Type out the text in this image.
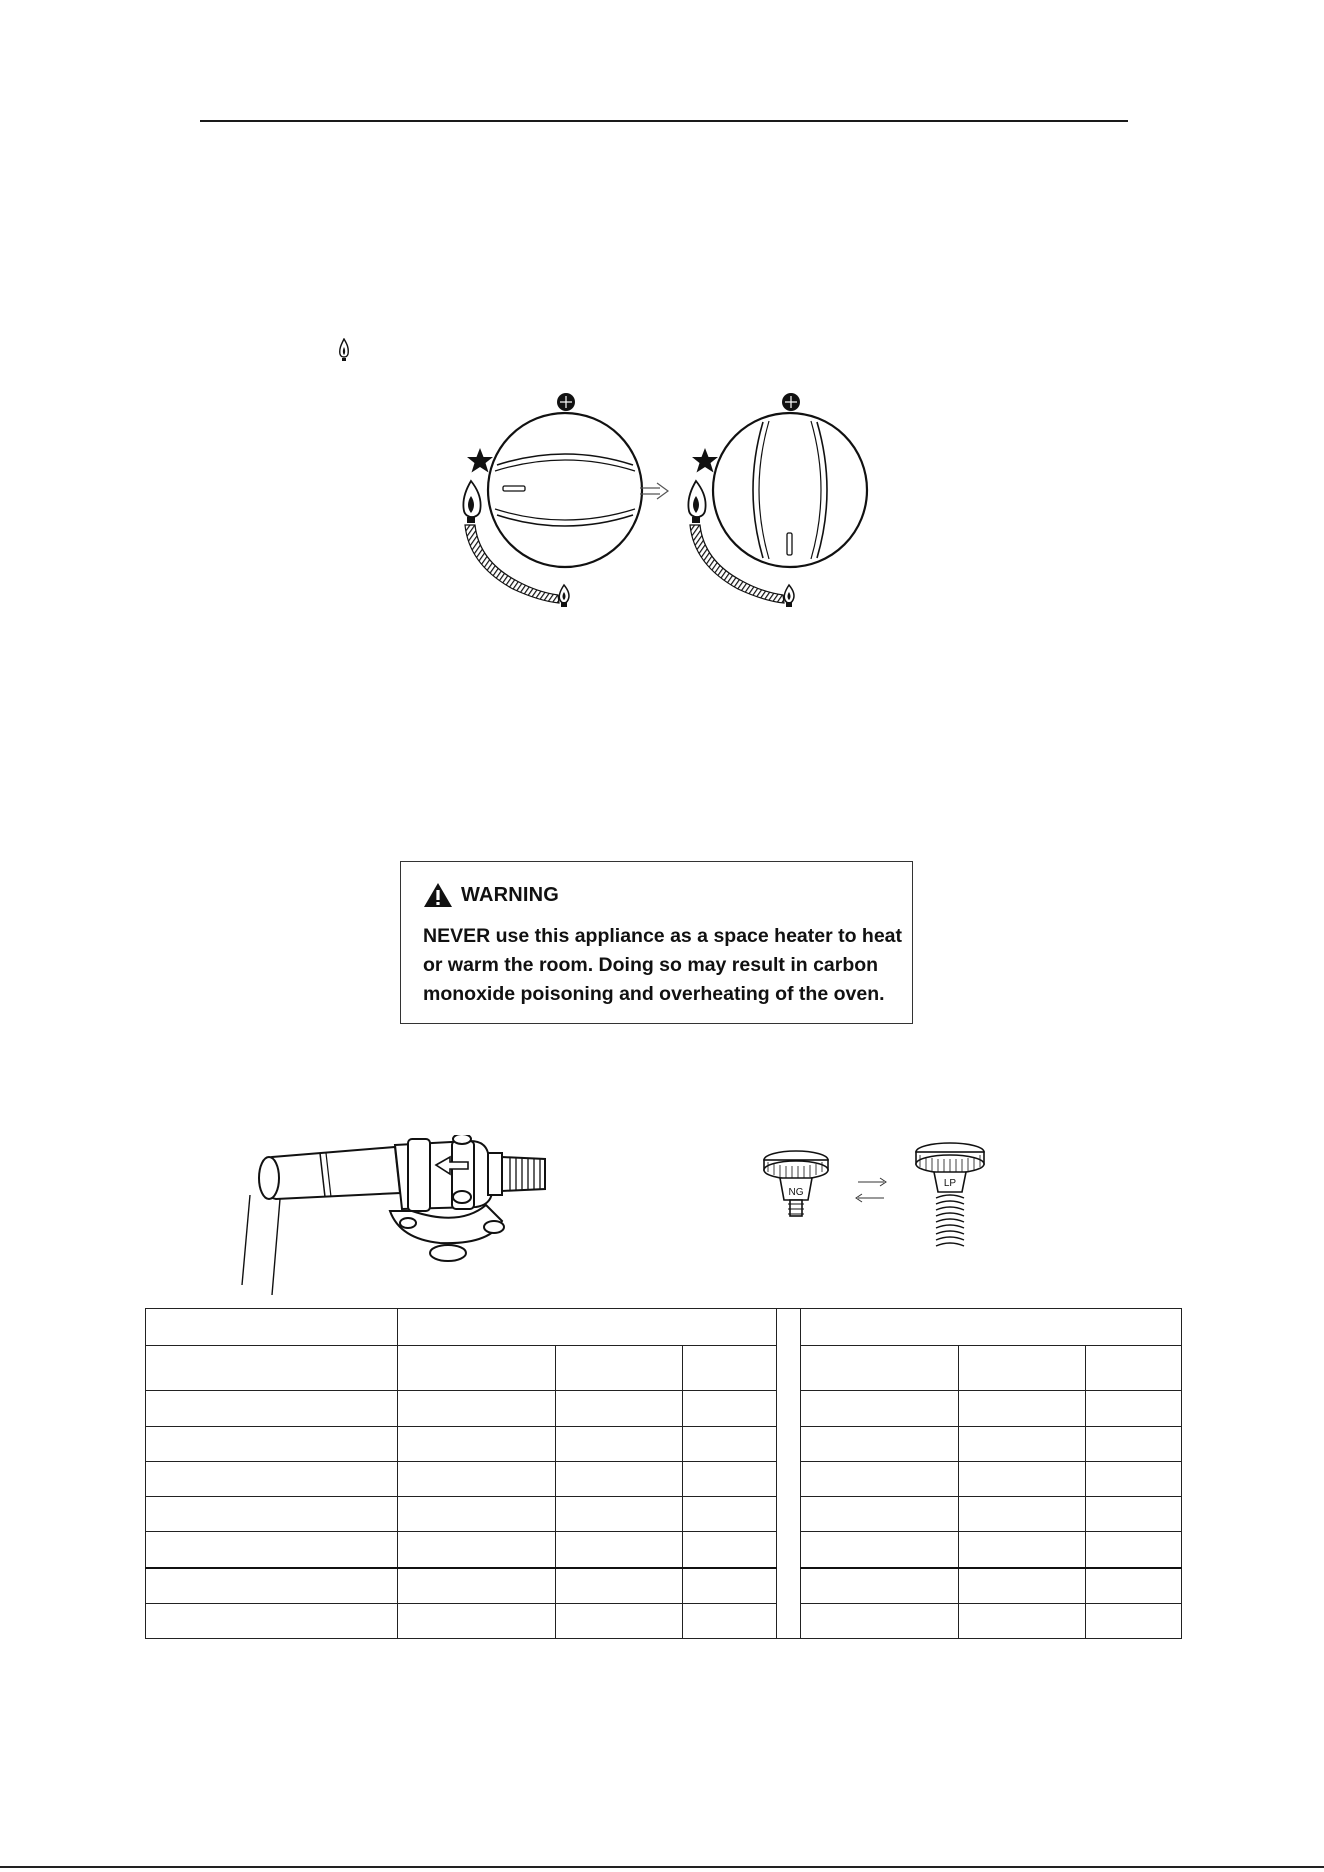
WARNING
NEVER use this appliance as a space heater to heat
or warm the room. Doing so may result in carbon
monoxide poisoning and overheating of the oven.
NG
LP
